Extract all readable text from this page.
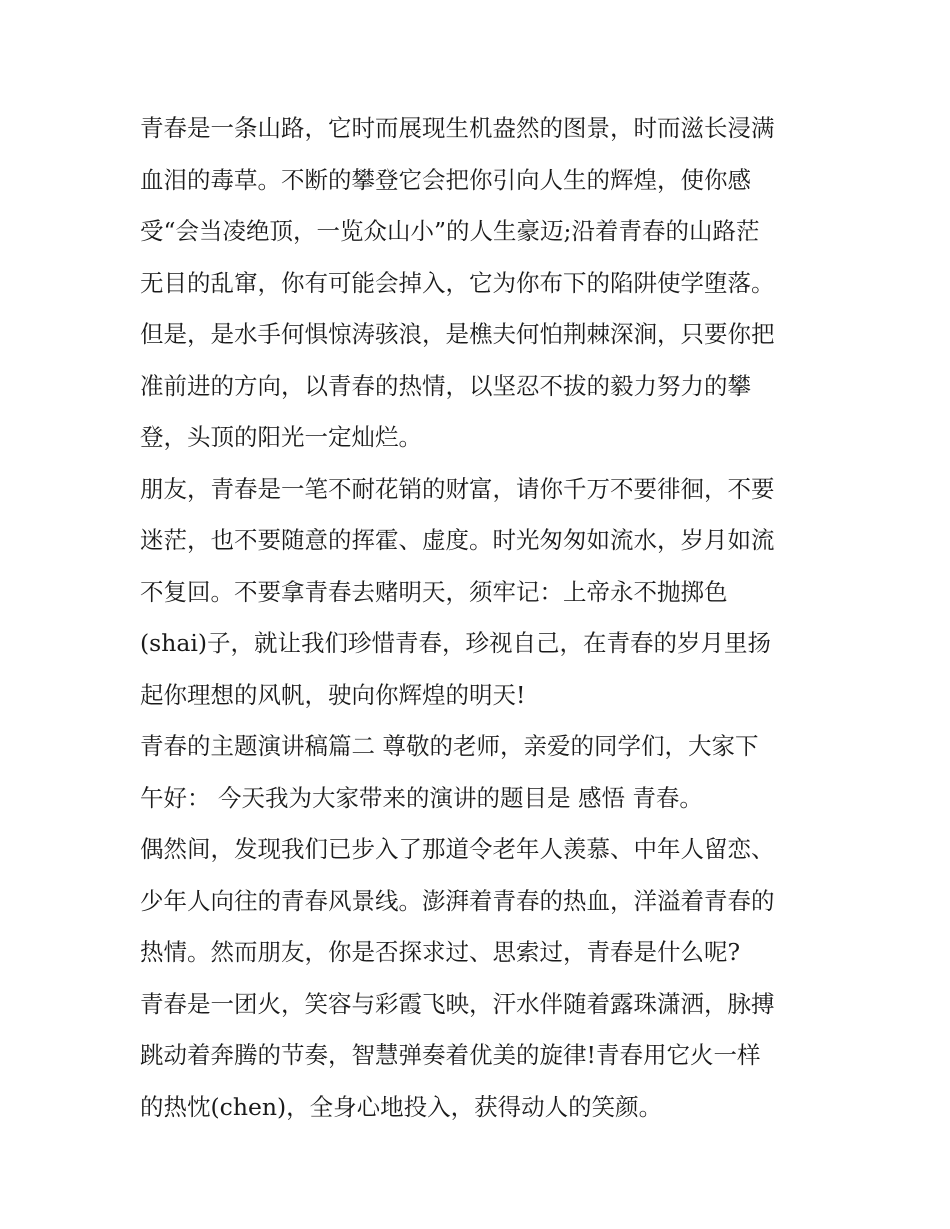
青春是一条山路，它时而展现生机盎然的图景，时而滋长浸满
血泪的毒草。不断的攀登它会把你引向人生的辉煌，使你感
受“会当凌绝顶，一览众山小”的人生豪迈;沿着青春的山路茫
无目的乱窜，你有可能会掉入，它为你布下的陷阱使学堕落。
但是，是水手何惧惊涛骇浪，是樵夫何怕荆棘深涧，只要你把
准前进的方向，以青春的热情，以坚忍不拔的毅力努力的攀
登，头顶的阳光一定灿烂。
朋友，青春是一笔不耐花销的财富，请你千万不要徘徊，不要
迷茫，也不要随意的挥霍、虚度。时光匆匆如流水，岁月如流
不复回。不要拿青春去赌明天，须牢记：上帝永不抛掷色
(shai)子，就让我们珍惜青春，珍视自己，在青春的岁月里扬
起你理想的风帆，驶向你辉煌的明天!
青春的主题演讲稿篇二 尊敬的老师，亲爱的同学们，大家下
午好： 今天我为大家带来的演讲的题目是 感悟 青春。
偶然间，发现我们已步入了那道令老年人羡慕、中年人留恋、
少年人向往的青春风景线。澎湃着青春的热血，洋溢着青春的
热情。然而朋友，你是否探求过、思索过，青春是什么呢?
青春是一团火，笑容与彩霞飞映，汗水伴随着露珠潇洒，脉搏
跳动着奔腾的节奏，智慧弹奏着优美的旋律!青春用它火一样
的热忱(chen)，全身心地投入，获得动人的笑颜。
